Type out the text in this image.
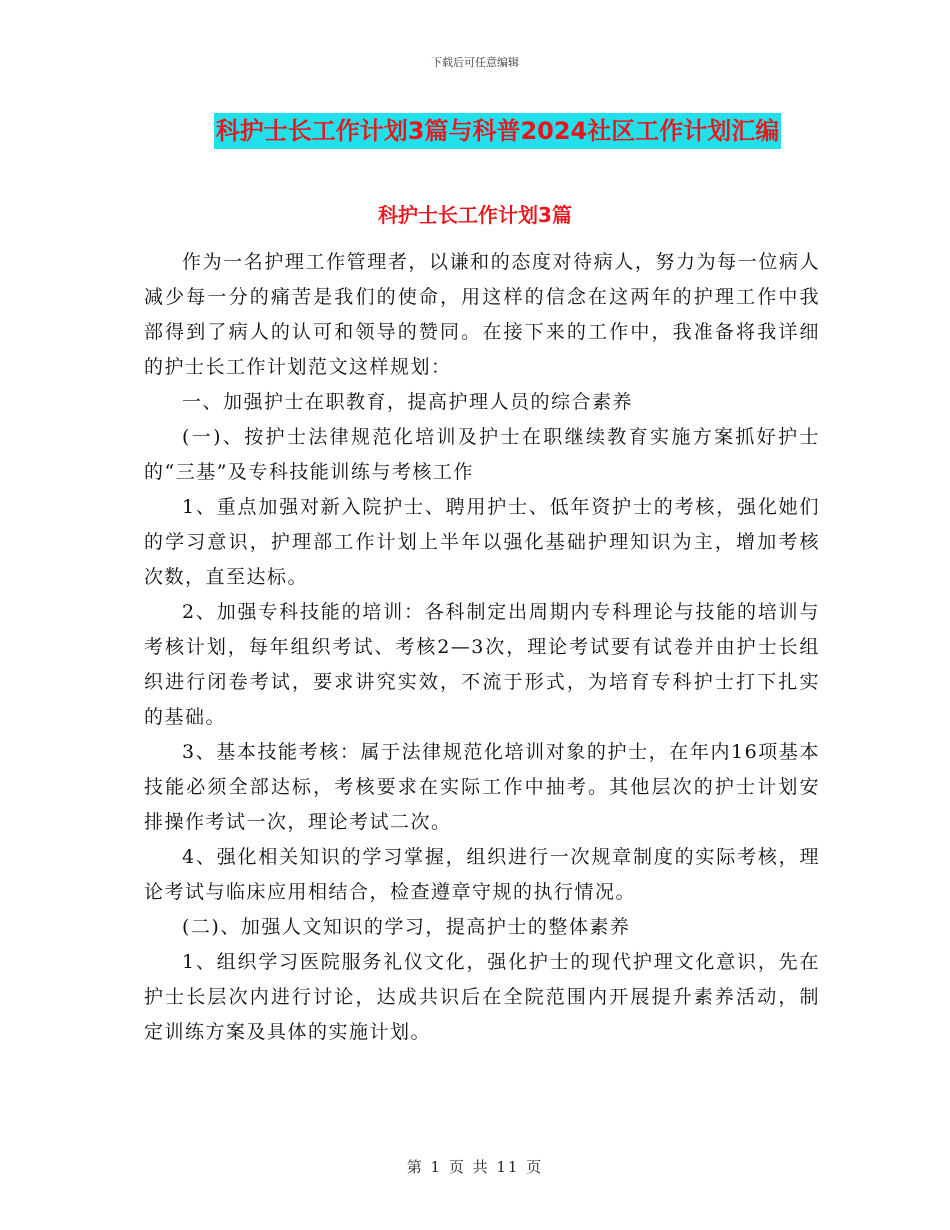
下载后可任意编辑
科护士长工作计划3篇与科普2024社区工作计划汇编
科护士长工作计划3篇

作为一名护理工作管理者，以谦和的态度对待病人，努力为每一位病人减少每一分的痛苦是我们的使命，用这样的信念在这两年的护理工作中我部得到了病人的认可和领导的赞同。在接下来的工作中，我准备将我详细的护士长工作计划范文这样规划：

一、加强护士在职教育，提高护理人员的综合素养

(一)、按护士法律规范化培训及护士在职继续教育实施方案抓好护士的“三基”及专科技能训练与考核工作

1、重点加强对新入院护士、聘用护士、低年资护士的考核，强化她们的学习意识，护理部工作计划上半年以强化基础护理知识为主，增加考核次数，直至达标。

2、加强专科技能的培训：各科制定出周期内专科理论与技能的培训与考核计划，每年组织考试、考核2—3次，理论考试要有试卷并由护士长组织进行闭卷考试，要求讲究实效，不流于形式，为培育专科护士打下扎实的基础。

3、基本技能考核：属于法律规范化培训对象的护士，在年内16项基本技能必须全部达标，考核要求在实际工作中抽考。其他层次的护士计划安排操作考试一次，理论考试二次。

4、强化相关知识的学习掌握，组织进行一次规章制度的实际考核，理论考试与临床应用相结合，检查遵章守规的执行情况。

(二)、加强人文知识的学习，提高护士的整体素养

1、组织学习医院服务礼仪文化，强化护士的现代护理文化意识，先在护士长层次内进行讨论，达成共识后在全院范围内开展提升素养活动，制定训练方案及具体的实施计划。

第 1 页 共 11 页
